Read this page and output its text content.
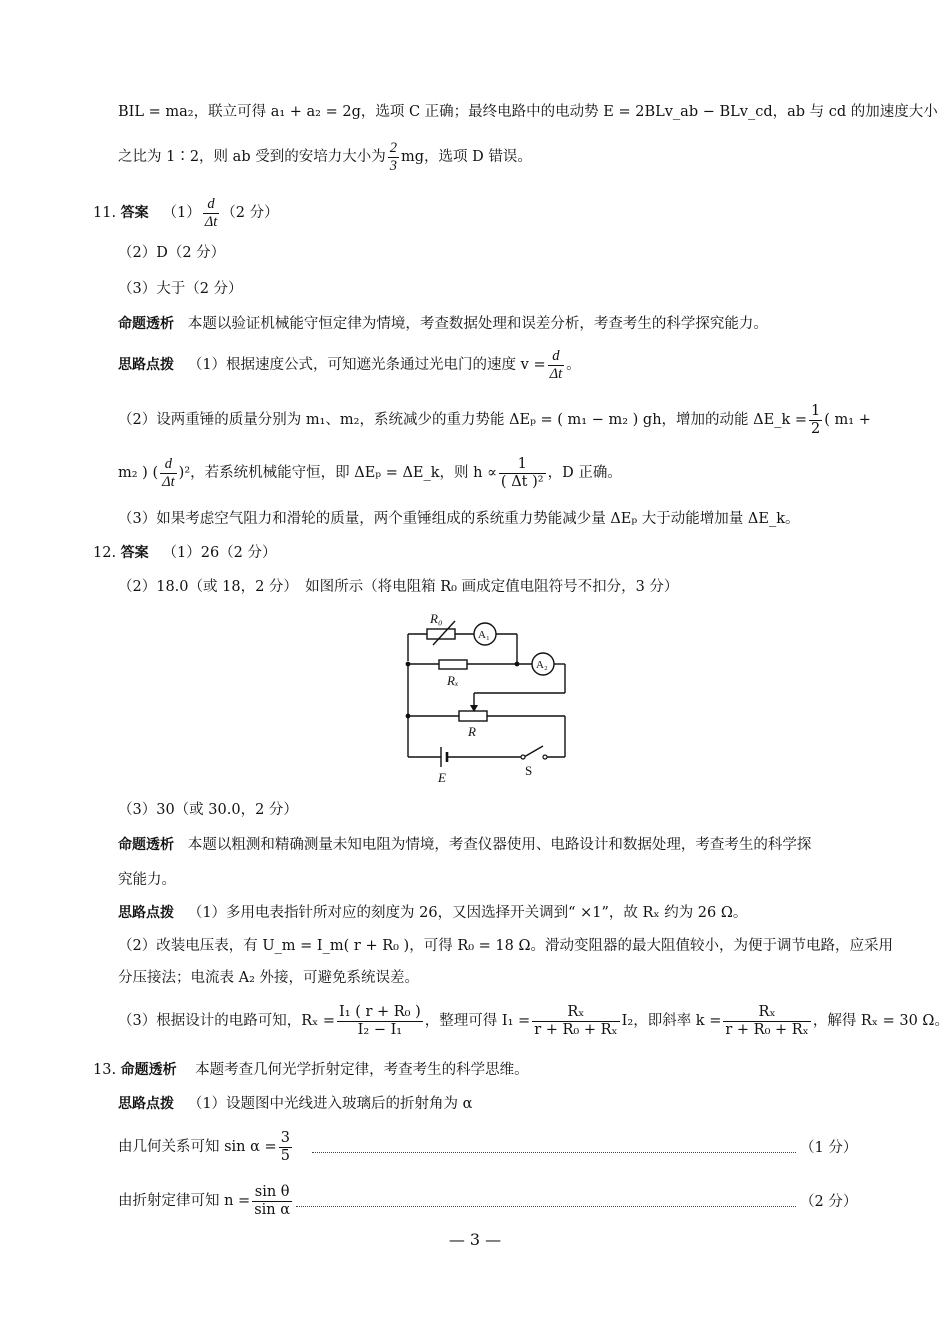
BIL = ma₂，联立可得 a₁ + a₂ = 2g，选项 C 正确；最终电路中的电动势 E = 2BLv_ab − BLv_cd，ab 与 cd 的加速度大小
之比为 1∶2，则 ab 受到的安培力大小为 $\frac{2}{3}$ mg，选项 D 错误。
11. 答案 $(1) \frac{d}{\Delta t} (2$ 分）
（2）D（2 分）
（3）大于（2 分）
命题透析 本题以验证机械能守恒定律为情境，考查数据处理和误差分析，考查考生的科学探究能力。
思路点拨 （1）根据速度公式，可知遮光条通过光电门的速度 $v = \frac{d}{\Delta t}$ 。
（2）设两重锤的质量分别为 m₁、m₂，系统减少的重力势能 ΔEₚ = ( m₁ − m₂ ) gh，增加的动能 ΔE_k = $\frac{1}{2}$ ( m₁ +
m₂ ) ( $\frac{d}{\Delta t} )^2$，若系统机械能守恒，即 ΔEₚ = ΔE_k，则 $h \propto \frac{1}{\text{( Δt )²}}$ ，D 正确。
（3）如果考虑空气阻力和滑轮的质量，两个重锤组成的系统重力势能减少量 ΔEₚ 大于动能增加量 ΔE_k。
12. 答案 （1）26（2 分）
（2）18.0（或 18，2 分）　如图所示（将电阻箱 R₀ 画成定值电阻符号不扣分，3 分）
R₀
A₁
Rₓ
A₂
R
E	S
（3）30（或 30.0，2 分）
命题透析 本题以粗测和精确测量未知电阻为情境，考查仪器使用、电路设计和数据处理，考查考生的科学探
究能力。
思路点拨 （1）多用电表指针所对应的刻度为 26，又因选择开关调到“ ×1”，故 Rₓ 约为 26 Ω。
（2）改装电压表，有 U_m = I_m( r + R₀ )，可得 R₀ = 18 Ω。滑动变阻器的最大阻值较小，为便于调节电路，应采用
分压接法；电流表 A₂ 外接，可避免系统误差。
（3）根据设计的电路可知，$R_x = \frac{\text{I₁ ( r + R₀ )}}{\text{I₂ − I₁}}$ ，整理可得 $I_1 = \frac{\text{Rₓ}}{\text{r + R₀ + Rₓ}} I_2$，即斜率 $k = \frac{\text{Rₓ}}{\text{r + R₀ + Rₓ}}$ ，解得 Rₓ = 30 Ω。
13. 命题透析 本题考查几何光学折射定律，考查考生的科学思维。
思路点拨 （1）设题图中光线进入玻璃后的折射角为 α
由几何关系可知 $\sin \alpha = \frac{3}{5}$	（1 分）
由折射定律可知 $n = \frac{\text{sin θ}}{\text{sin α}}$	（2 分）
— 3 —
